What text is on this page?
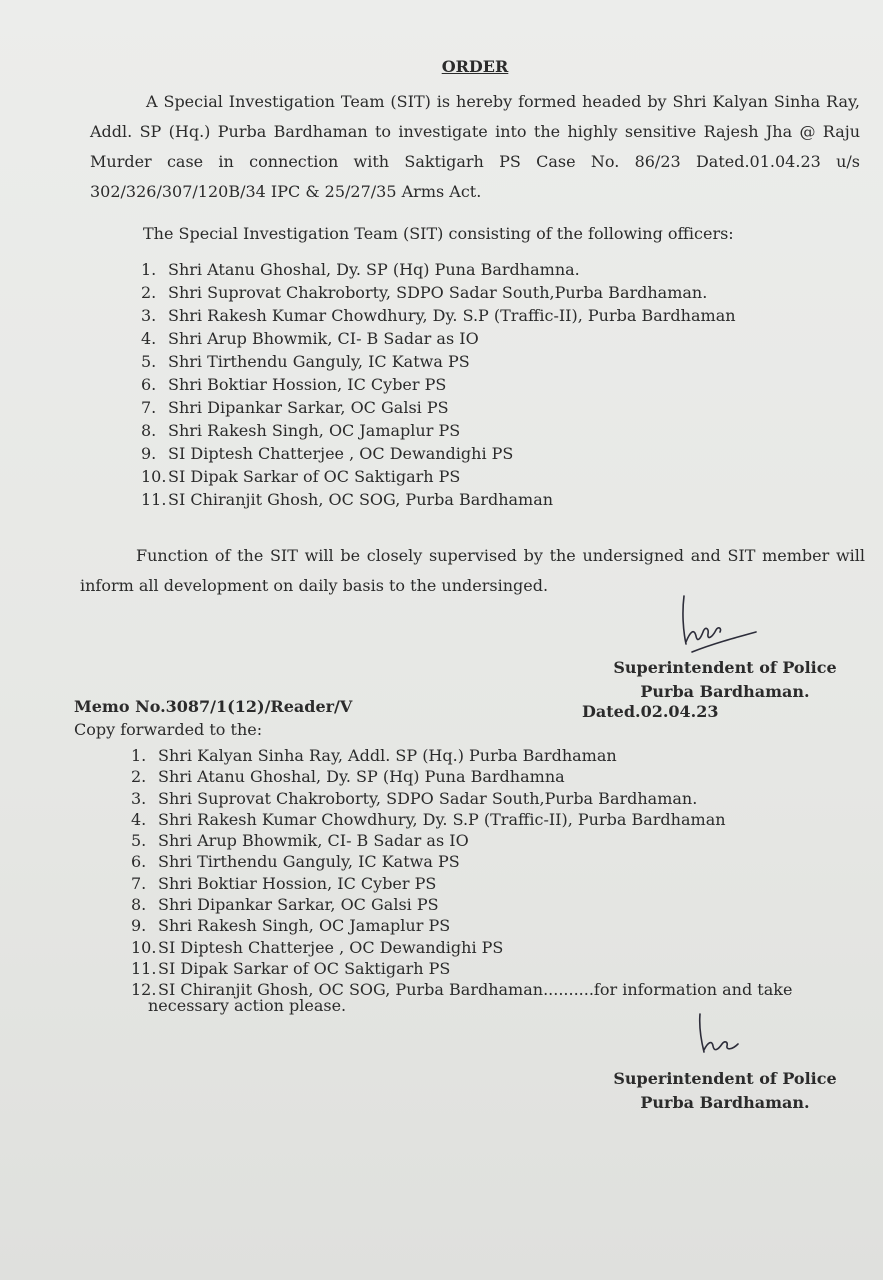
ORDER
A Special Investigation Team (SIT) is hereby formed headed by Shri Kalyan Sinha Ray, Addl. SP (Hq.) Purba Bardhaman to investigate into the highly sensitive Rajesh Jha @ Raju Murder case in connection with Saktigarh PS Case No. 86/23 Dated.01.04.23 u/s 302/326/307/120B/34 IPC & 25/27/35 Arms Act.
The Special Investigation Team (SIT) consisting of the following officers:
1. Shri Atanu Ghoshal, Dy. SP (Hq) Puna Bardhamna.
2. Shri Suprovat Chakroborty, SDPO Sadar South,Purba Bardhaman.
3. Shri Rakesh Kumar Chowdhury, Dy. S.P (Traffic-II), Purba Bardhaman
4. Shri Arup Bhowmik, CI- B Sadar as IO
5. Shri Tirthendu Ganguly, IC Katwa PS
6. Shri Boktiar Hossion, IC Cyber PS
7. Shri Dipankar Sarkar, OC Galsi PS
8. Shri Rakesh Singh, OC Jamaplur PS
9. SI Diptesh Chatterjee , OC Dewandighi PS
10. SI Dipak Sarkar of OC Saktigarh PS
11. SI Chiranjit Ghosh, OC SOG, Purba Bardhaman
Function of the SIT will be closely supervised by the undersigned and SIT member will inform all development on daily basis to the undersinged.
Superintendent of Police
Purba Bardhaman.
Memo No.3087/1(12)/Reader/V	Dated.02.04.23
Copy forwarded to the:
1. Shri Kalyan Sinha Ray, Addl. SP (Hq.) Purba Bardhaman
2. Shri Atanu Ghoshal, Dy. SP (Hq) Puna Bardhamna
3. Shri Suprovat Chakroborty, SDPO Sadar South,Purba Bardhaman.
4. Shri Rakesh Kumar Chowdhury, Dy. S.P (Traffic-II), Purba Bardhaman
5. Shri Arup Bhowmik, CI- B Sadar as IO
6. Shri Tirthendu Ganguly, IC Katwa PS
7. Shri Boktiar Hossion, IC Cyber PS
8. Shri Dipankar Sarkar, OC Galsi PS
9. Shri Rakesh Singh, OC Jamaplur PS
10. SI Diptesh Chatterjee , OC Dewandighi PS
11. SI Dipak Sarkar of OC Saktigarh PS
12. SI Chiranjit Ghosh, OC SOG, Purba Bardhaman..........for information and take
necessary action please.
Superintendent of Police
Purba Bardhaman.
